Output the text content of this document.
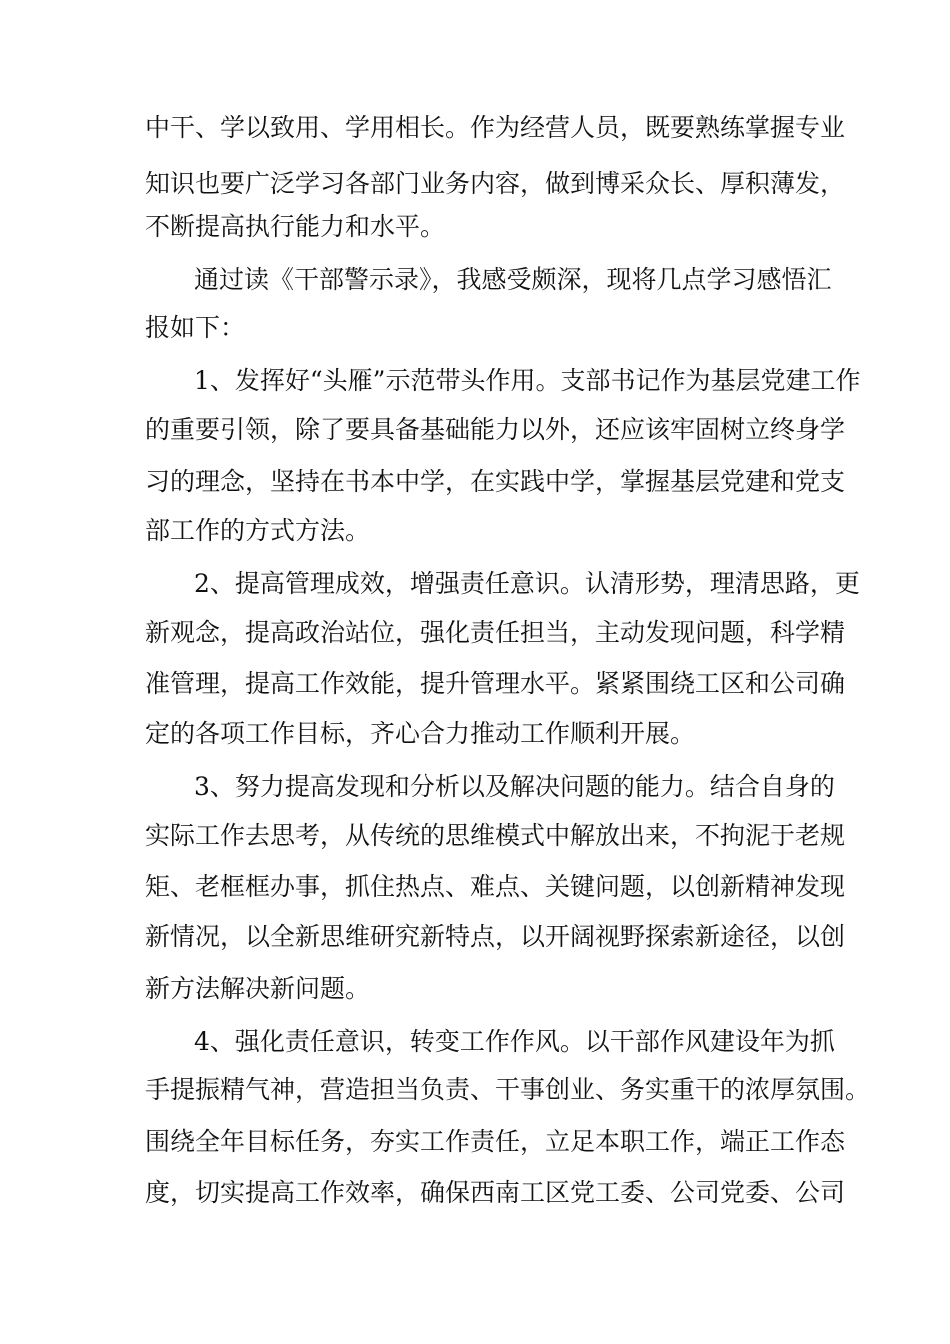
中干、学以致用、学用相长。作为经营人员，既要熟练掌握专业
知识也要广泛学习各部门业务内容，做到博采众长、厚积薄发，
不断提高执行能力和水平。
通过读《干部警示录》，我感受颇深，现将几点学习感悟汇
报如下：
1、发挥好“头雁”示范带头作用。支部书记作为基层党建工作
的重要引领，除了要具备基础能力以外，还应该牢固树立终身学
习的理念，坚持在书本中学，在实践中学，掌握基层党建和党支
部工作的方式方法。
2、提高管理成效，增强责任意识。认清形势，理清思路，更
新观念，提高政治站位，强化责任担当，主动发现问题，科学精
准管理，提高工作效能，提升管理水平。紧紧围绕工区和公司确
定的各项工作目标，齐心合力推动工作顺利开展。
3、努力提高发现和分析以及解决问题的能力。结合自身的
实际工作去思考，从传统的思维模式中解放出来，不拘泥于老规
矩、老框框办事，抓住热点、难点、关键问题，以创新精神发现
新情况，以全新思维研究新特点，以开阔视野探索新途径，以创
新方法解决新问题。
4、强化责任意识，转变工作作风。以干部作风建设年为抓
手提振精气神，营造担当负责、干事创业、务实重干的浓厚氛围。
围绕全年目标任务，夯实工作责任，立足本职工作，端正工作态
度，切实提高工作效率，确保西南工区党工委、公司党委、公司
